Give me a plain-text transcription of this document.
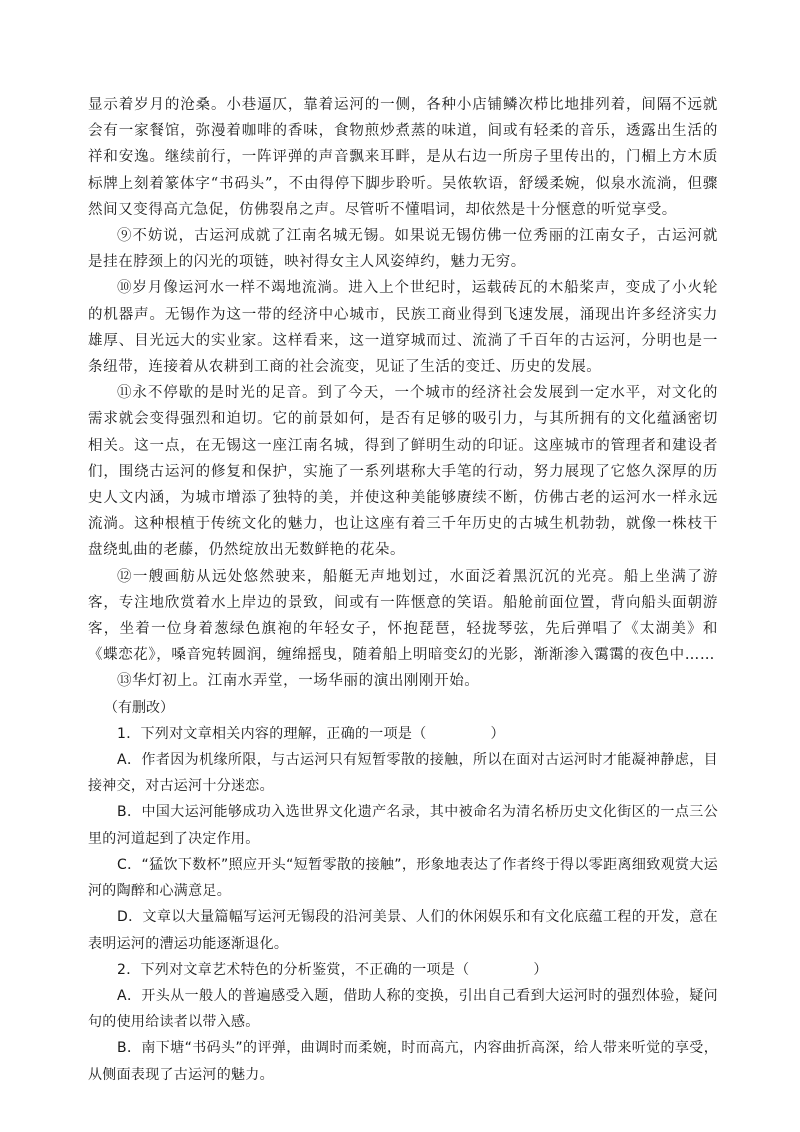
显示着岁月的沧桑。小巷逼仄，靠着运河的一侧，各种小店铺鳞次栉比地排列着，间隔不远就会有一家餐馆，弥漫着咖啡的香味，食物煎炒煮蒸的味道，间或有轻柔的音乐，透露出生活的祥和安逸。继续前行，一阵评弹的声音飘来耳畔，是从右边一所房子里传出的，门楣上方木质标牌上刻着篆体字“书码头”，不由得停下脚步聆听。吴侬软语，舒缓柔婉，似泉水流淌，但骤然间又变得高亢急促，仿佛裂帛之声。尽管听不懂唱词，却依然是十分惬意的听觉享受。

⑨不妨说，古运河成就了江南名城无锡。如果说无锡仿佛一位秀丽的江南女子，古运河就是挂在脖颈上的闪光的项链，映衬得女主人风姿绰约，魅力无穷。

⑩岁月像运河水一样不竭地流淌。进入上个世纪时，运载砖瓦的木船桨声，变成了小火轮的机器声。无锡作为这一带的经济中心城市，民族工商业得到飞速发展，涌现出许多经济实力雄厚、目光远大的实业家。这样看来，这一道穿城而过、流淌了千百年的古运河，分明也是一条纽带，连接着从农耕到工商的社会流变，见证了生活的变迁、历史的发展。

⑪永不停歇的是时光的足音。到了今天，一个城市的经济社会发展到一定水平，对文化的需求就会变得强烈和迫切。它的前景如何，是否有足够的吸引力，与其所拥有的文化蕴涵密切相关。这一点，在无锡这一座江南名城，得到了鲜明生动的印证。这座城市的管理者和建设者们，围绕古运河的修复和保护，实施了一系列堪称大手笔的行动，努力展现了它悠久深厚的历史人文内涵，为城市增添了独特的美，并使这种美能够赓续不断，仿佛古老的运河水一样永远流淌。这种根植于传统文化的魅力，也让这座有着三千年历史的古城生机勃勃，就像一株枝干盘绕虬曲的老藤，仍然绽放出无数鲜艳的花朵。

⑫一艘画舫从远处悠然驶来，船艇无声地划过，水面泛着黑沉沉的光亮。船上坐满了游客，专注地欣赏着水上岸边的景致，间或有一阵惬意的笑语。船舱前面位置，背向船头面朝游客，坐着一位身着葱绿色旗袍的年轻女子，怀抱琵琶，轻拢琴弦，先后弹唱了《太湖美》和《蝶恋花》，嗓音宛转圆润，缠绵摇曳，随着船上明暗变幻的光影，渐渐渗入霭霭的夜色中……

⑬华灯初上。江南水弄堂，一场华丽的演出刚刚开始。

（有删改）

1．下列对文章相关内容的理解，正确的一项是（	）

A．作者因为机缘所限，与古运河只有短暂零散的接触，所以在面对古运河时才能凝神静虑，目接神交，对古运河十分迷恋。

B．中国大运河能够成功入选世界文化遗产名录，其中被命名为清名桥历史文化街区的一点三公里的河道起到了决定作用。

C．“猛饮下数杯”照应开头“短暂零散的接触”，形象地表达了作者终于得以零距离细致观赏大运河的陶醉和心满意足。

D．文章以大量篇幅写运河无锡段的沿河美景、人们的休闲娱乐和有文化底蕴工程的开发，意在表明运河的漕运功能逐渐退化。

2．下列对文章艺术特色的分析鉴赏，不正确的一项是（	）

A．开头从一般人的普遍感受入题，借助人称的变换，引出自己看到大运河时的强烈体验，疑问句的使用给读者以带入感。

B．南下塘“书码头”的评弹，曲调时而柔婉，时而高亢，内容曲折高深，给人带来听觉的享受，从侧面表现了古运河的魅力。
